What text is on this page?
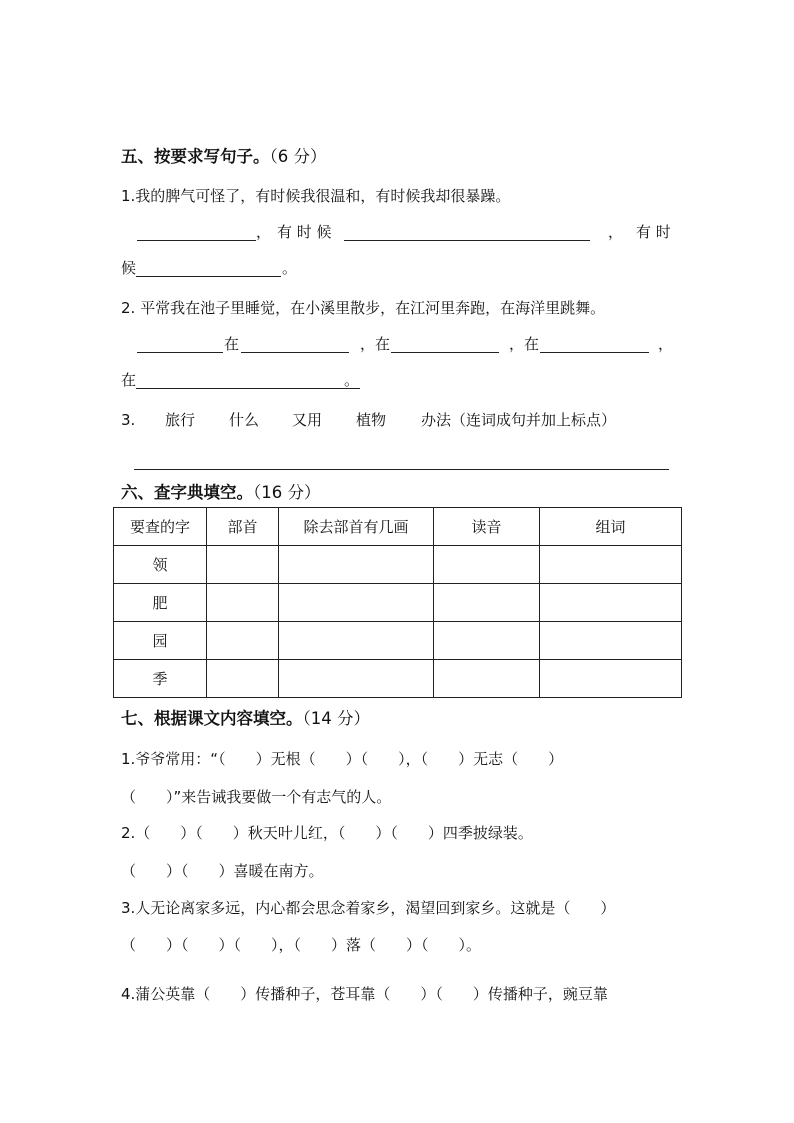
五、按要求写句子。（6 分）
1.我的脾气可怪了，有时候我很温和，有时候我却很暴躁。
， 有 时 候	， 有 时
候	。
2. 平常我在池子里睡觉，在小溪里散步，在江河里奔跑，在海洋里跳舞。
在	，在	，在	，
在	。
3. 旅行 什么 又用 植物 办法（连词成句并加上标点）
六、查字典填空。（16 分）
要查的字	部首	除去部首有几画	读音	组词
领				
肥				
园				
季				
七、根据课文内容填空。（14 分）
1.爷爷常用：“（　　）无根（　　）（　　），（　　）无志（　　）
（　　）”来告诫我要做一个有志气的人。
2.（　　）（　　）秋天叶儿红，（　　）（　　）四季披绿装。
（　　）（　　）喜暖在南方。
3.人无论离家多远，内心都会思念着家乡，渴望回到家乡。这就是（　　）
（　　）（　　）（　　），（　　）落（　　）（　　）。
4.蒲公英靠（　　）传播种子，苍耳靠（　　）（　　）传播种子，豌豆靠
